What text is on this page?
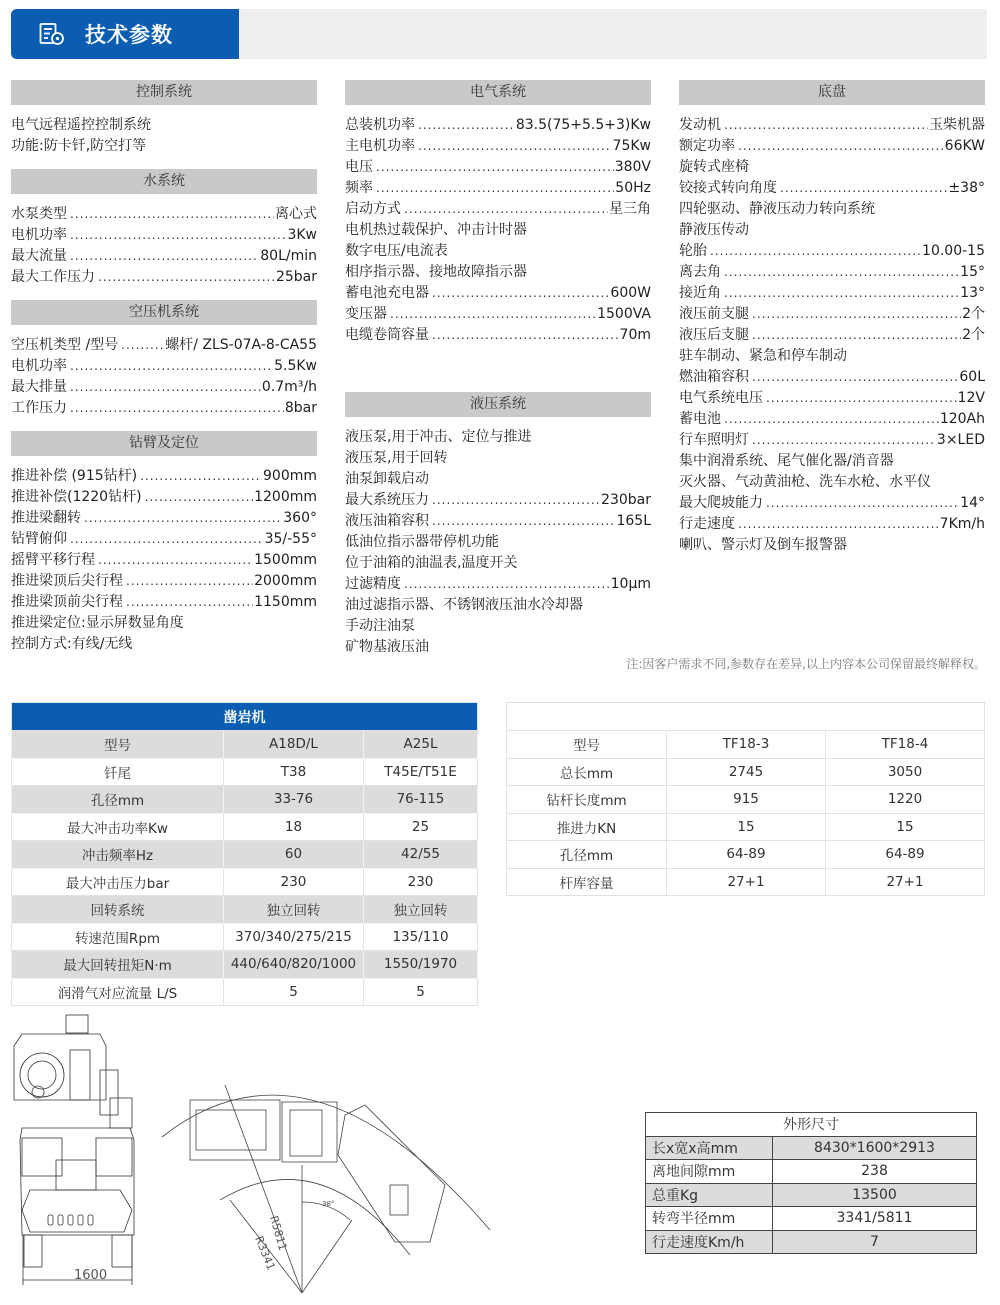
技术参数
控制系统
电气远程遥控控制系统
功能:防卡钎,防空打等
水系统
水泵类型 .....	离心式
电机功率 .....	3Kw
最大流量 .....	80L/min
最大工作压力 .....	25bar
空压机系统
空压机类型 /型号 .....	螺杆/ ZLS-07A-8-CA55
电机功率 .....	5.5Kw
最大排量 .....	0.7m³/h
工作压力 .....	8bar
钻臂及定位
推进补偿 (915钻杆) .....	900mm
推进补偿(1220钻杆) .....	1200mm
推进梁翻转 .....	360°
钻臂俯仰 .....	35/-55°
摇臂平移行程 .....	1500mm
推进梁顶后尖行程 .....	2000mm
推进梁顶前尖行程 .....	1150mm
推进梁定位:显示屏数显角度
控制方式:有线/无线
电气系统
总装机功率 .....	83.5(75+5.5+3)Kw
主电机功率 .....	75Kw
电压 .....	380V
频率 .....	50Hz
启动方式 .....	星三角
电机热过载保护、冲击计时器
数字电压/电流表
相序指示器、接地故障指示器
蓄电池充电器 .....	600W
变压器 .....	1500VA
电缆卷筒容量 .....	70m
液压系统
液压泵,用于冲击、定位与推进
液压泵,用于回转
油泵卸载启动
最大系统压力 .....	230bar
液压油箱容积 .....	165L
低油位指示器带停机功能
位于油箱的油温表,温度开关
过滤精度 .....	10μm
油过滤指示器、不锈钢液压油水冷却器
手动注油泵
矿物基液压油
底盘
发动机 .....	玉柴机器
额定功率 .....	66KW
旋转式座椅
铰接式转向角度 .....	±38°
四轮驱动、静液压动力转向系统
静液压传动
轮胎 .....	10.00-15
离去角 .....	15°
接近角 .....	13°
液压前支腿 .....	2个
液压后支腿 .....	2个
驻车制动、紧急和停车制动
燃油箱容积 .....	60L
电气系统电压 .....	12V
蓄电池 .....	120Ah
行车照明灯 .....	3×LED
集中润滑系统、尾气催化器/消音器
灭火器、气动黄油枪、洗车水枪、水平仪
最大爬坡能力 .....	14°
行走速度 .....	7Km/h
喇叭、警示灯及倒车报警器
注:因客户需求不同,参数存在差异,以上内容本公司保留最终解释权。
凿岩机		
型号	A18D/L	A25L
钎尾	T38	T45E/T51E
孔径mm	33-76	76-115
最大冲击功率Kw	18	25
冲击频率Hz	60	42/55
最大冲击压力bar	230	230
回转系统	独立回转	独立回转
转速范围Rpm	370/340/275/215	135/110
最大回转扭矩N·m	440/640/820/1000	1550/1970
润滑气对应流量 L/S	5	5
推进梁		
型号	TF18-3	TF18-4
总长mm	2745	3050
钻杆长度mm	915	1220
推进力KN	15	15
孔径mm	64-89	64-89
杆库容量	27+1	27+1
外形尺寸	
长x宽x高mm	8430*1600*2913
离地间隙mm	238
总重Kg	13500
转弯半径mm	3341/5811
行走速度Km/h	7
1600
R5811
R3341
38°
